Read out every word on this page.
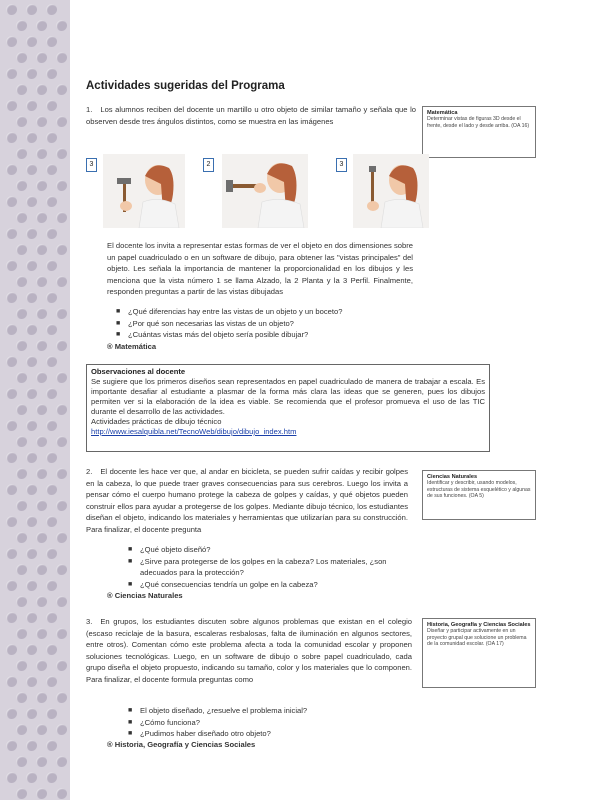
Actividades sugeridas del Programa
1. Los alumnos reciben del docente un martillo u otro objeto de similar tamaño y señala que lo observen desde tres ángulos distintos, como se muestra en las imágenes
Matemática
Determinar vistas de figuras 3D desde el frente, desde el lado y desde arriba. (OA 16)
3	2	3
El docente los invita a representar estas formas de ver el objeto en dos dimensiones sobre un papel cuadriculado o en un software de dibujo, para obtener las "vistas principales" del objeto. Les señala la importancia de mantener la proporcionalidad en los dibujos y les menciona que la vista número 1 se llama Alzado, la 2 Planta y la 3 Perfil. Finalmente, responden preguntas a partir de las vistas dibujadas
■ ¿Qué diferencias hay entre las vistas de un objeto y un boceto?
■ ¿Por qué son necesarias las vistas de un objeto?
■ ¿Cuántas vistas más del objeto sería posible dibujar?
® Matemática
Observaciones al docente

Se sugiere que los primeros diseños sean representados en papel cuadriculado de manera de trabajar a escala. Es importante desafiar al estudiante a plasmar de la forma más clara las ideas que se generen, pues los dibujos permiten ver si la elaboración de la idea es viable. Se recomienda que el profesor promueva el uso de las TIC durante el desarrollo de las actividades.
Actividades prácticas de dibujo técnico
http://www.iesalquibla.net/TecnoWeb/dibujo/dibujo_index.htm
2. El docente les hace ver que, al andar en bicicleta, se pueden sufrir caídas y recibir golpes en la cabeza, lo que puede traer graves consecuencias para sus cerebros. Luego los invita a pensar cómo el cuerpo humano protege la cabeza de golpes y caídas, y qué objetos pueden construir ellos para ayudar a protegerse de los golpes. Mediante dibujo técnico, los estudiantes diseñan el objeto, indicando los materiales y herramientas que utilizarían para su construcción. Para finalizar, el docente pregunta
Ciencias Naturales
Identificar y describir, usando modelos, estructuras de sistema esquelético y algunas de sus funciones. (OA 5)
■ ¿Qué objeto diseñó?
■ ¿Sirve para protegerse de los golpes en la cabeza? Los materiales, ¿son adecuados para la protección?
■ ¿Qué consecuencias tendría un golpe en la cabeza?
® Ciencias Naturales
3. En grupos, los estudiantes discuten sobre algunos problemas que existan en el colegio (escaso reciclaje de la basura, escaleras resbalosas, falta de iluminación en algunos sectores, entre otros). Comentan cómo este problema afecta a toda la comunidad escolar y proponen soluciones tecnológicas. Luego, en un software de dibujo o sobre papel cuadriculado, cada grupo diseña el objeto propuesto, indicando su tamaño, color y los materiales que lo componen. Para finalizar, el docente formula preguntas como
Historia, Geografía y Ciencias Sociales
Diseñar y participar activamente en un proyecto grupal que solucione un problema de la comunidad escolar. (OA 17)
■ El objeto diseñado, ¿resuelve el problema inicial?
■ ¿Cómo funciona?
■ ¿Pudimos haber diseñado otro objeto?
® Historia, Geografía y Ciencias Sociales
